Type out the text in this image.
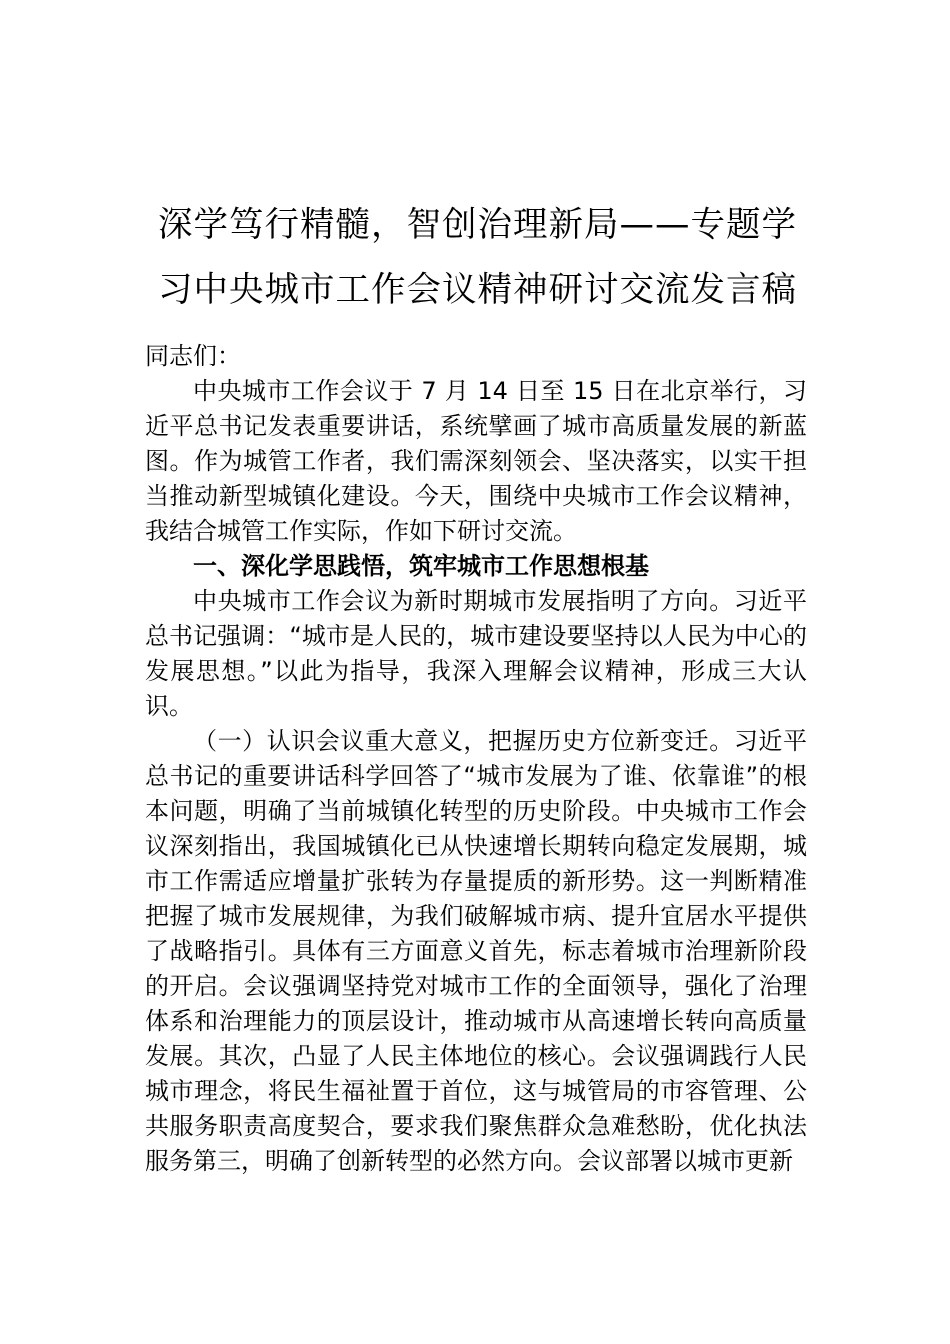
深学笃行精髓，智创治理新局——专题学
习中央城市工作会议精神研讨交流发言稿

同志们：

中央城市工作会议于 7 月 14 日至 15 日在北京举行，习近平总书记发表重要讲话，系统擘画了城市高质量发展的新蓝图。作为城管工作者，我们需深刻领会、坚决落实，以实干担当推动新型城镇化建设。今天，围绕中央城市工作会议精神，我结合城管工作实际，作如下研讨交流。

一、深化学思践悟，筑牢城市工作思想根基

中央城市工作会议为新时期城市发展指明了方向。习近平总书记强调：“城市是人民的，城市建设要坚持以人民为中心的发展思想。”以此为指导，我深入理解会议精神，形成三大认识。

（一）认识会议重大意义，把握历史方位新变迁。习近平总书记的重要讲话科学回答了“城市发展为了谁、依靠谁”的根本问题，明确了当前城镇化转型的历史阶段。中央城市工作会议深刻指出，我国城镇化已从快速增长期转向稳定发展期，城市工作需适应增量扩张转为存量提质的新形势。这一判断精准把握了城市发展规律，为我们破解城市病、提升宜居水平提供了战略指引。具体有三方面意义首先，标志着城市治理新阶段的开启。会议强调坚持党对城市工作的全面领导，强化了治理体系和治理能力的顶层设计，推动城市从高速增长转向高质量发展。其次，凸显了人民主体地位的核心。会议强调践行人民城市理念，将民生福祉置于首位，这与城管局的市容管理、公共服务职责高度契合，要求我们聚焦群众急难愁盼，优化执法服务第三，明确了创新转型的必然方向。会议部署以城市更新
